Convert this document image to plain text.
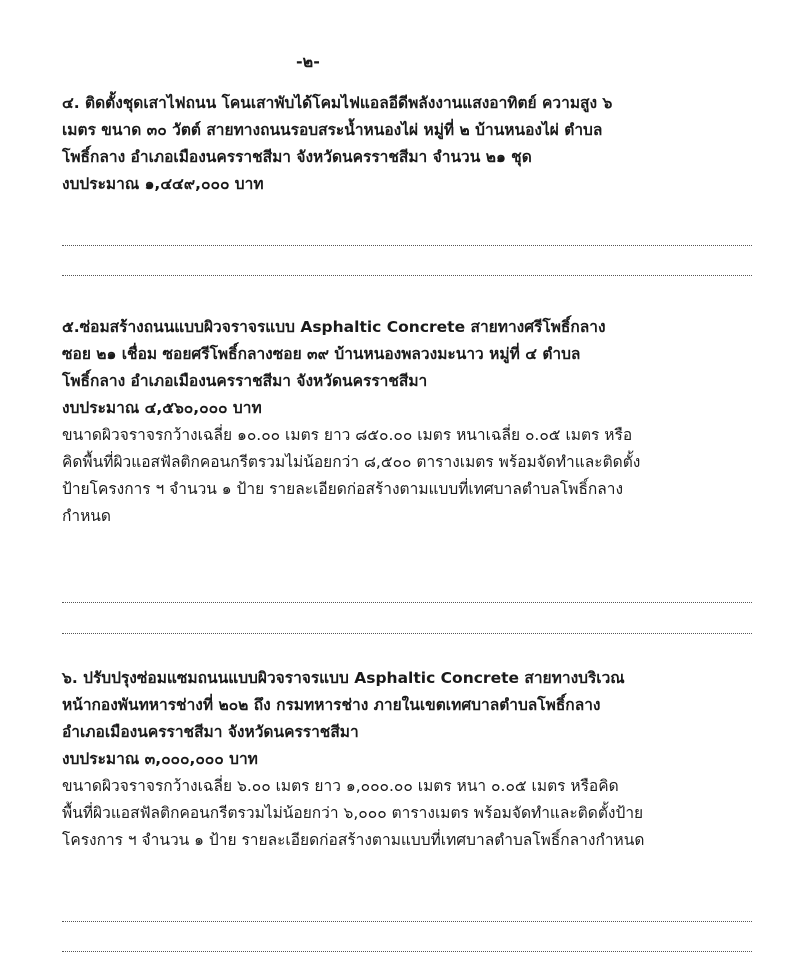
-๒-
๔. ติดตั้งชุดเสาไฟถนน โคนเสาพับได้โคมไฟแอลอีดีพลังงานแสงอาทิตย์ ความสูง ๖
เมตร ขนาด ๓๐ วัตต์ สายทางถนนรอบสระน้ำหนองไผ่ หมู่ที่ ๒ บ้านหนองไผ่ ตำบล
โพธิ์กลาง อำเภอเมืองนครราชสีมา จังหวัดนครราชสีมา จำนวน ๒๑ ชุด
งบประมาณ ๑,๔๔๙,๐๐๐ บาท
๕.ซ่อมสร้างถนนแบบผิวจราจรแบบ Asphaltic Concrete สายทางศรีโพธิ์กลาง
ซอย ๒๑ เชื่อม ซอยศรีโพธิ์กลางซอย ๓๙ บ้านหนองพลวงมะนาว หมู่ที่ ๔ ตำบล
โพธิ์กลาง อำเภอเมืองนครราชสีมา จังหวัดนครราชสีมา
งบประมาณ ๔,๕๖๐,๐๐๐ บาท
ขนาดผิวจราจรกว้างเฉลี่ย ๑๐.๐๐ เมตร ยาว ๘๕๐.๐๐ เมตร หนาเฉลี่ย ๐.๐๕ เมตร หรือ
คิดพื้นที่ผิวแอสฟัลติกคอนกรีตรวมไม่น้อยกว่า ๘,๕๐๐ ตารางเมตร พร้อมจัดทำและติดตั้ง
ป้ายโครงการ ฯ จำนวน ๑ ป้าย รายละเอียดก่อสร้างตามแบบที่เทศบาลตำบลโพธิ์กลาง
กำหนด
๖. ปรับปรุงซ่อมแซมถนนแบบผิวจราจรแบบ Asphaltic Concrete สายทางบริเวณ
หน้ากองพันทหารช่างที่ ๒๐๒ ถึง กรมทหารช่าง ภายในเขตเทศบาลตำบลโพธิ์กลาง
อำเภอเมืองนครราชสีมา จังหวัดนครราชสีมา
งบประมาณ ๓,๐๐๐,๐๐๐ บาท
ขนาดผิวจราจรกว้างเฉลี่ย ๖.๐๐ เมตร ยาว ๑,๐๐๐.๐๐ เมตร หนา ๐.๐๕ เมตร หรือคิด
พื้นที่ผิวแอสฟัลติกคอนกรีตรวมไม่น้อยกว่า ๖,๐๐๐ ตารางเมตร พร้อมจัดทำและติดตั้งป้าย
โครงการ ฯ จำนวน ๑ ป้าย รายละเอียดก่อสร้างตามแบบที่เทศบาลตำบลโพธิ์กลางกำหนด
